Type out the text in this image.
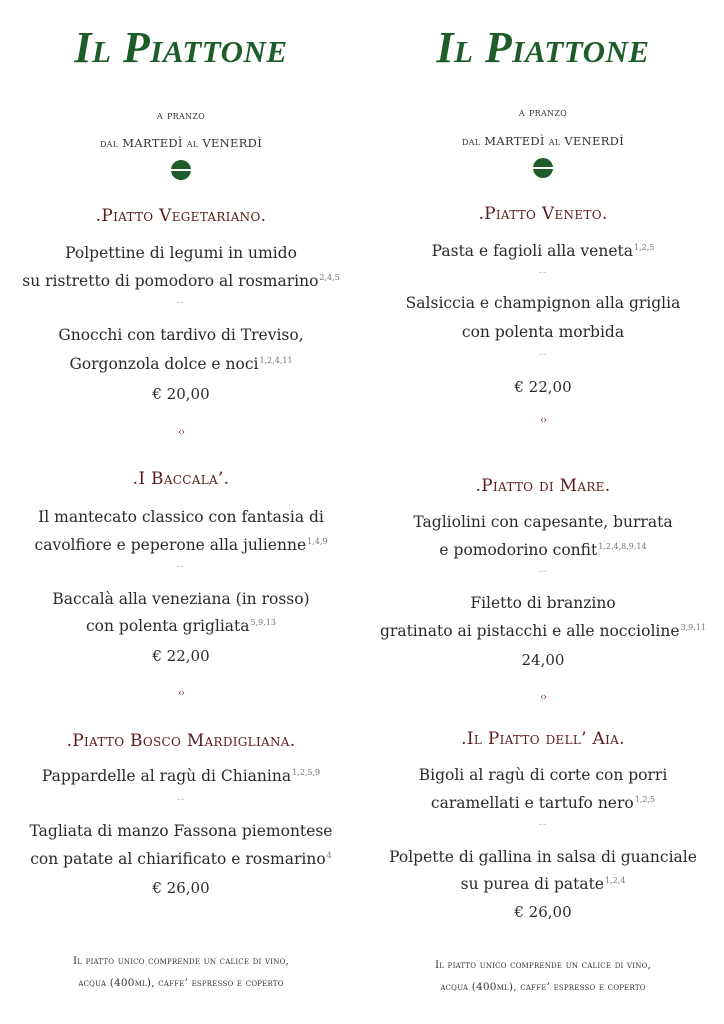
Il Piattone
a pranzo
dal MARTEDÌ al VENERDÌ
.Piatto Vegetariano.
Polpettine di legumi in umido
su ristretto di pomodoro al rosmarino$^{2,4,5}$
--
Gnocchi con tardivo di Treviso,
Gorgonzola dolce e noci$^{1,2,4,11}$
€ 20,00
‹›
.I Baccala’.
Il mantecato classico con fantasia di
cavolfiore e peperone alla julienne$^{1,4,9}$
--
Baccalà alla veneziana (in rosso)
con polenta grigliata$^{5,9,13}$
€ 22,00
‹›
.Piatto Bosco Mardigliana.
Pappardelle al ragù di Chianina$^{1,2,5,9}$
--
Tagliata di manzo Fassona piemontese
con patate al chiarificato e rosmarino$^4$
€ 26,00
Il piatto unico comprende un calice di vino,
acqua (400ml), caffe’ espresso e coperto
Il Piattone
a pranzo
dal MARTEDÌ al VENERDÌ
.Piatto Veneto.
Pasta e fagioli alla veneta$^{1,2,5}$
--
Salsiccia e champignon alla griglia
con polenta morbida
--
€ 22,00
‹›
.Piatto di Mare.
Tagliolini con capesante, burrata
e pomodorino confit$^{1,2,4,8,9,14}$
--
Filetto di branzino
gratinato ai pistacchi e alle noccioline$^{3,9,11}$
24,00
‹›
.Il Piatto dell’ Aia.
Bigoli al ragù di corte con porri
caramellati e tartufo nero$^{1,2,5}$
--
Polpette di gallina in salsa di guanciale
su purea di patate$^{1,2,4}$
€ 26,00
Il piatto unico comprende un calice di vino,
acqua (400ml), caffe’ espresso e coperto
